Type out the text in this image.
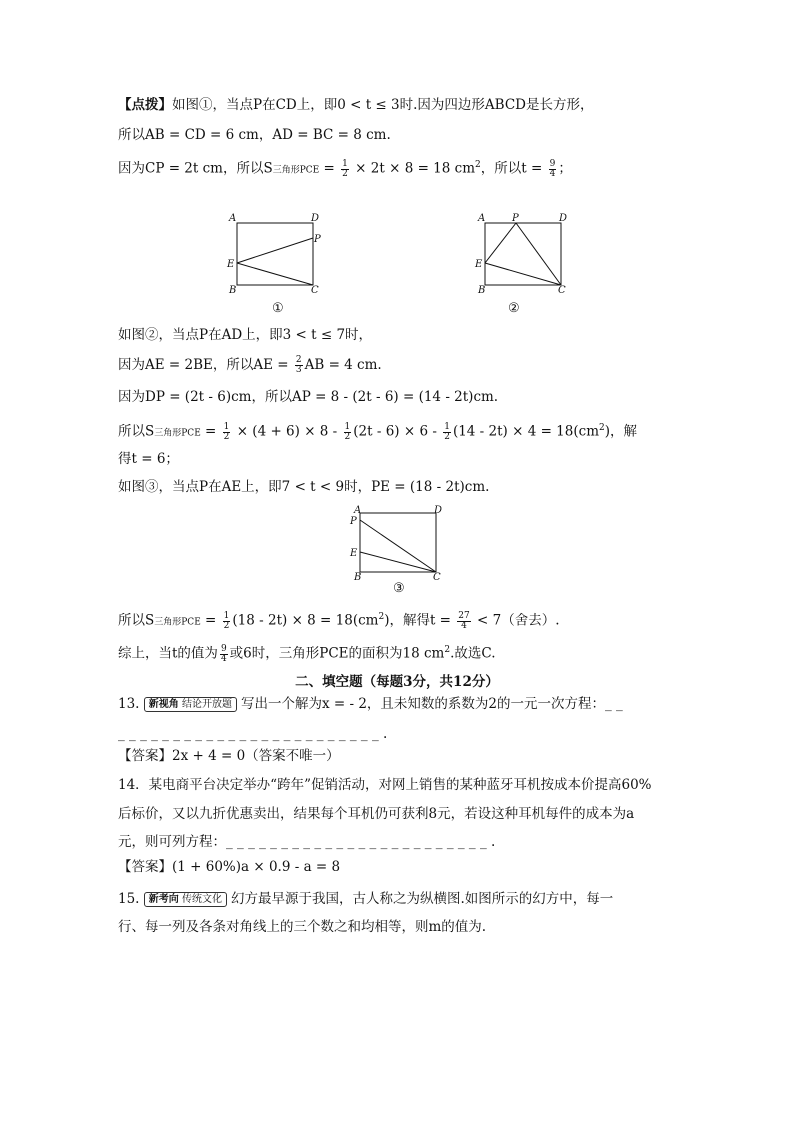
【点拨】如图①，当点P在CD上，即0 < t ≤ 3时.因为四边形ABCD是长方形，
所以AB = CD = 6 cm，AD = BC = 8 cm.
因为CP = 2t cm，所以S三角形PCE = $\frac{1}{2} \times 2t \times 8 = 18$ $cm^2$，所以$t = \frac{9}{4}$ ；
A	D
E
P
B	C
①
A	P	D
E
B	C
②
如图②，当点P在AD上，即3 < t ≤ 7时，
因为AE = 2BE，所以AE = $\frac{2}{3}$ AB = 4 cm.
因为DP = (2t - 6)cm，所以AP = 8 - (2t - 6) = (14 - 2t)cm.
所以S三角形PCE = $\frac{1}{2} \times (4 + 6) \times 8 - \frac{1}{2} (2t - 6) \times 6 - \frac{1}{2} (14 - 2t) \times 4 = 18(cm^2)$，解
得t = 6；
如图③，当点P在AE上，即7 < t < 9时，PE = (18 - 2t)cm.
A
P
D
E
B	C
③
所以S三角形PCE = $\frac{1}{2} (18 - 2t) \times 8 = 18(cm^2)$，解得$t = \frac{27}{4} < 7$（舍去）.
综上，当t的值为 $\frac{9}{4}$ 或6时，三角形PCE的面积为18 $cm^2$.故选C.
二、填空题（每题3分，共12分）
13. 新视角 结论开放题 写出一个解为x = - 2，且未知数的系数为2的一元一次方程：_ _
_ _ _ _ _ _ _ _ _ _ _ _ _ _ _ _ _ _ _ _ _ _ _ _ .
【答案】2x + 4 = 0（答案不唯一）
14．某电商平台决定举办“跨年”促销活动，对网上销售的某种蓝牙耳机按成本价提高60%
后标价，又以九折优惠卖出，结果每个耳机仍可获利8元，若设这种耳机每件的成本为a
元，则可列方程：_ _ _ _ _ _ _ _ _ _ _ _ _ _ _ _ _ _ _ _ _ _ _ _ .
【答案】(1 + 60%)a × 0.9 - a = 8
15. 新考向 传统文化 幻方最早源于我国，古人称之为纵横图.如图所示的幻方中，每一
行、每一列及各条对角线上的三个数之和均相等，则m的值为.
